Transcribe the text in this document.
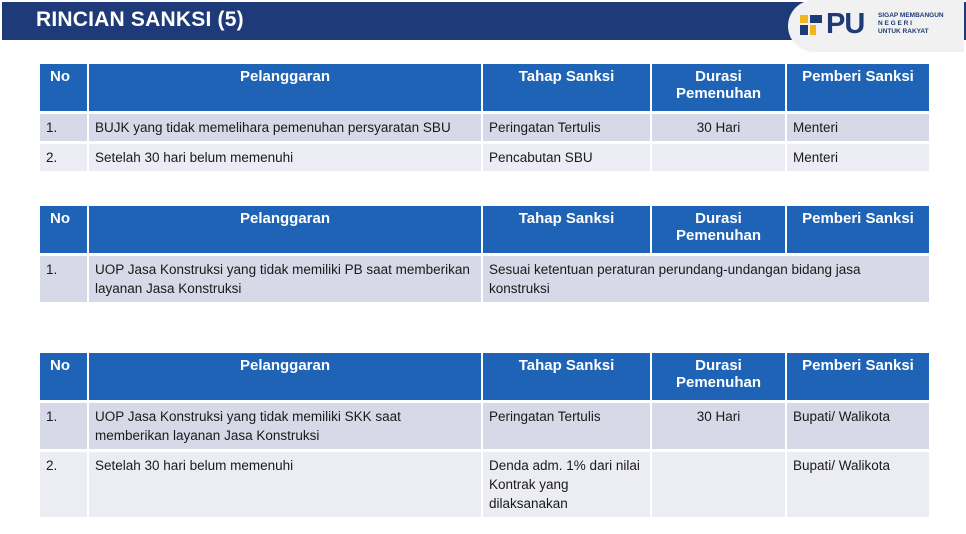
RINCIAN SANKSI (5)	PU SIGAP MEMBANGUN
N E G E R I
UNTUK RAKYAT
No	Pelanggaran	Tahap Sanksi	Durasi Pemenuhan	Pemberi Sanksi
1.	BUJK yang tidak memelihara pemenuhan persyaratan SBU	Peringatan Tertulis	30 Hari	Menteri
2.	Setelah 30 hari belum memenuhi	Pencabutan SBU		Menteri
No	Pelanggaran	Tahap Sanksi	Durasi Pemenuhan	Pemberi Sanksi
1.	UOP Jasa Konstruksi yang tidak memiliki PB saat memberikan layanan Jasa Konstruksi	Sesuai ketentuan peraturan perundang-undangan bidang jasa konstruksi		
No	Pelanggaran	Tahap Sanksi	Durasi Pemenuhan	Pemberi Sanksi
1.	UOP Jasa Konstruksi yang tidak memiliki SKK saat memberikan layanan Jasa Konstruksi	Peringatan Tertulis	30 Hari	Bupati/ Walikota
2.	Setelah 30 hari belum memenuhi	Denda adm. 1% dari nilai Kontrak yang dilaksanakan		Bupati/ Walikota
